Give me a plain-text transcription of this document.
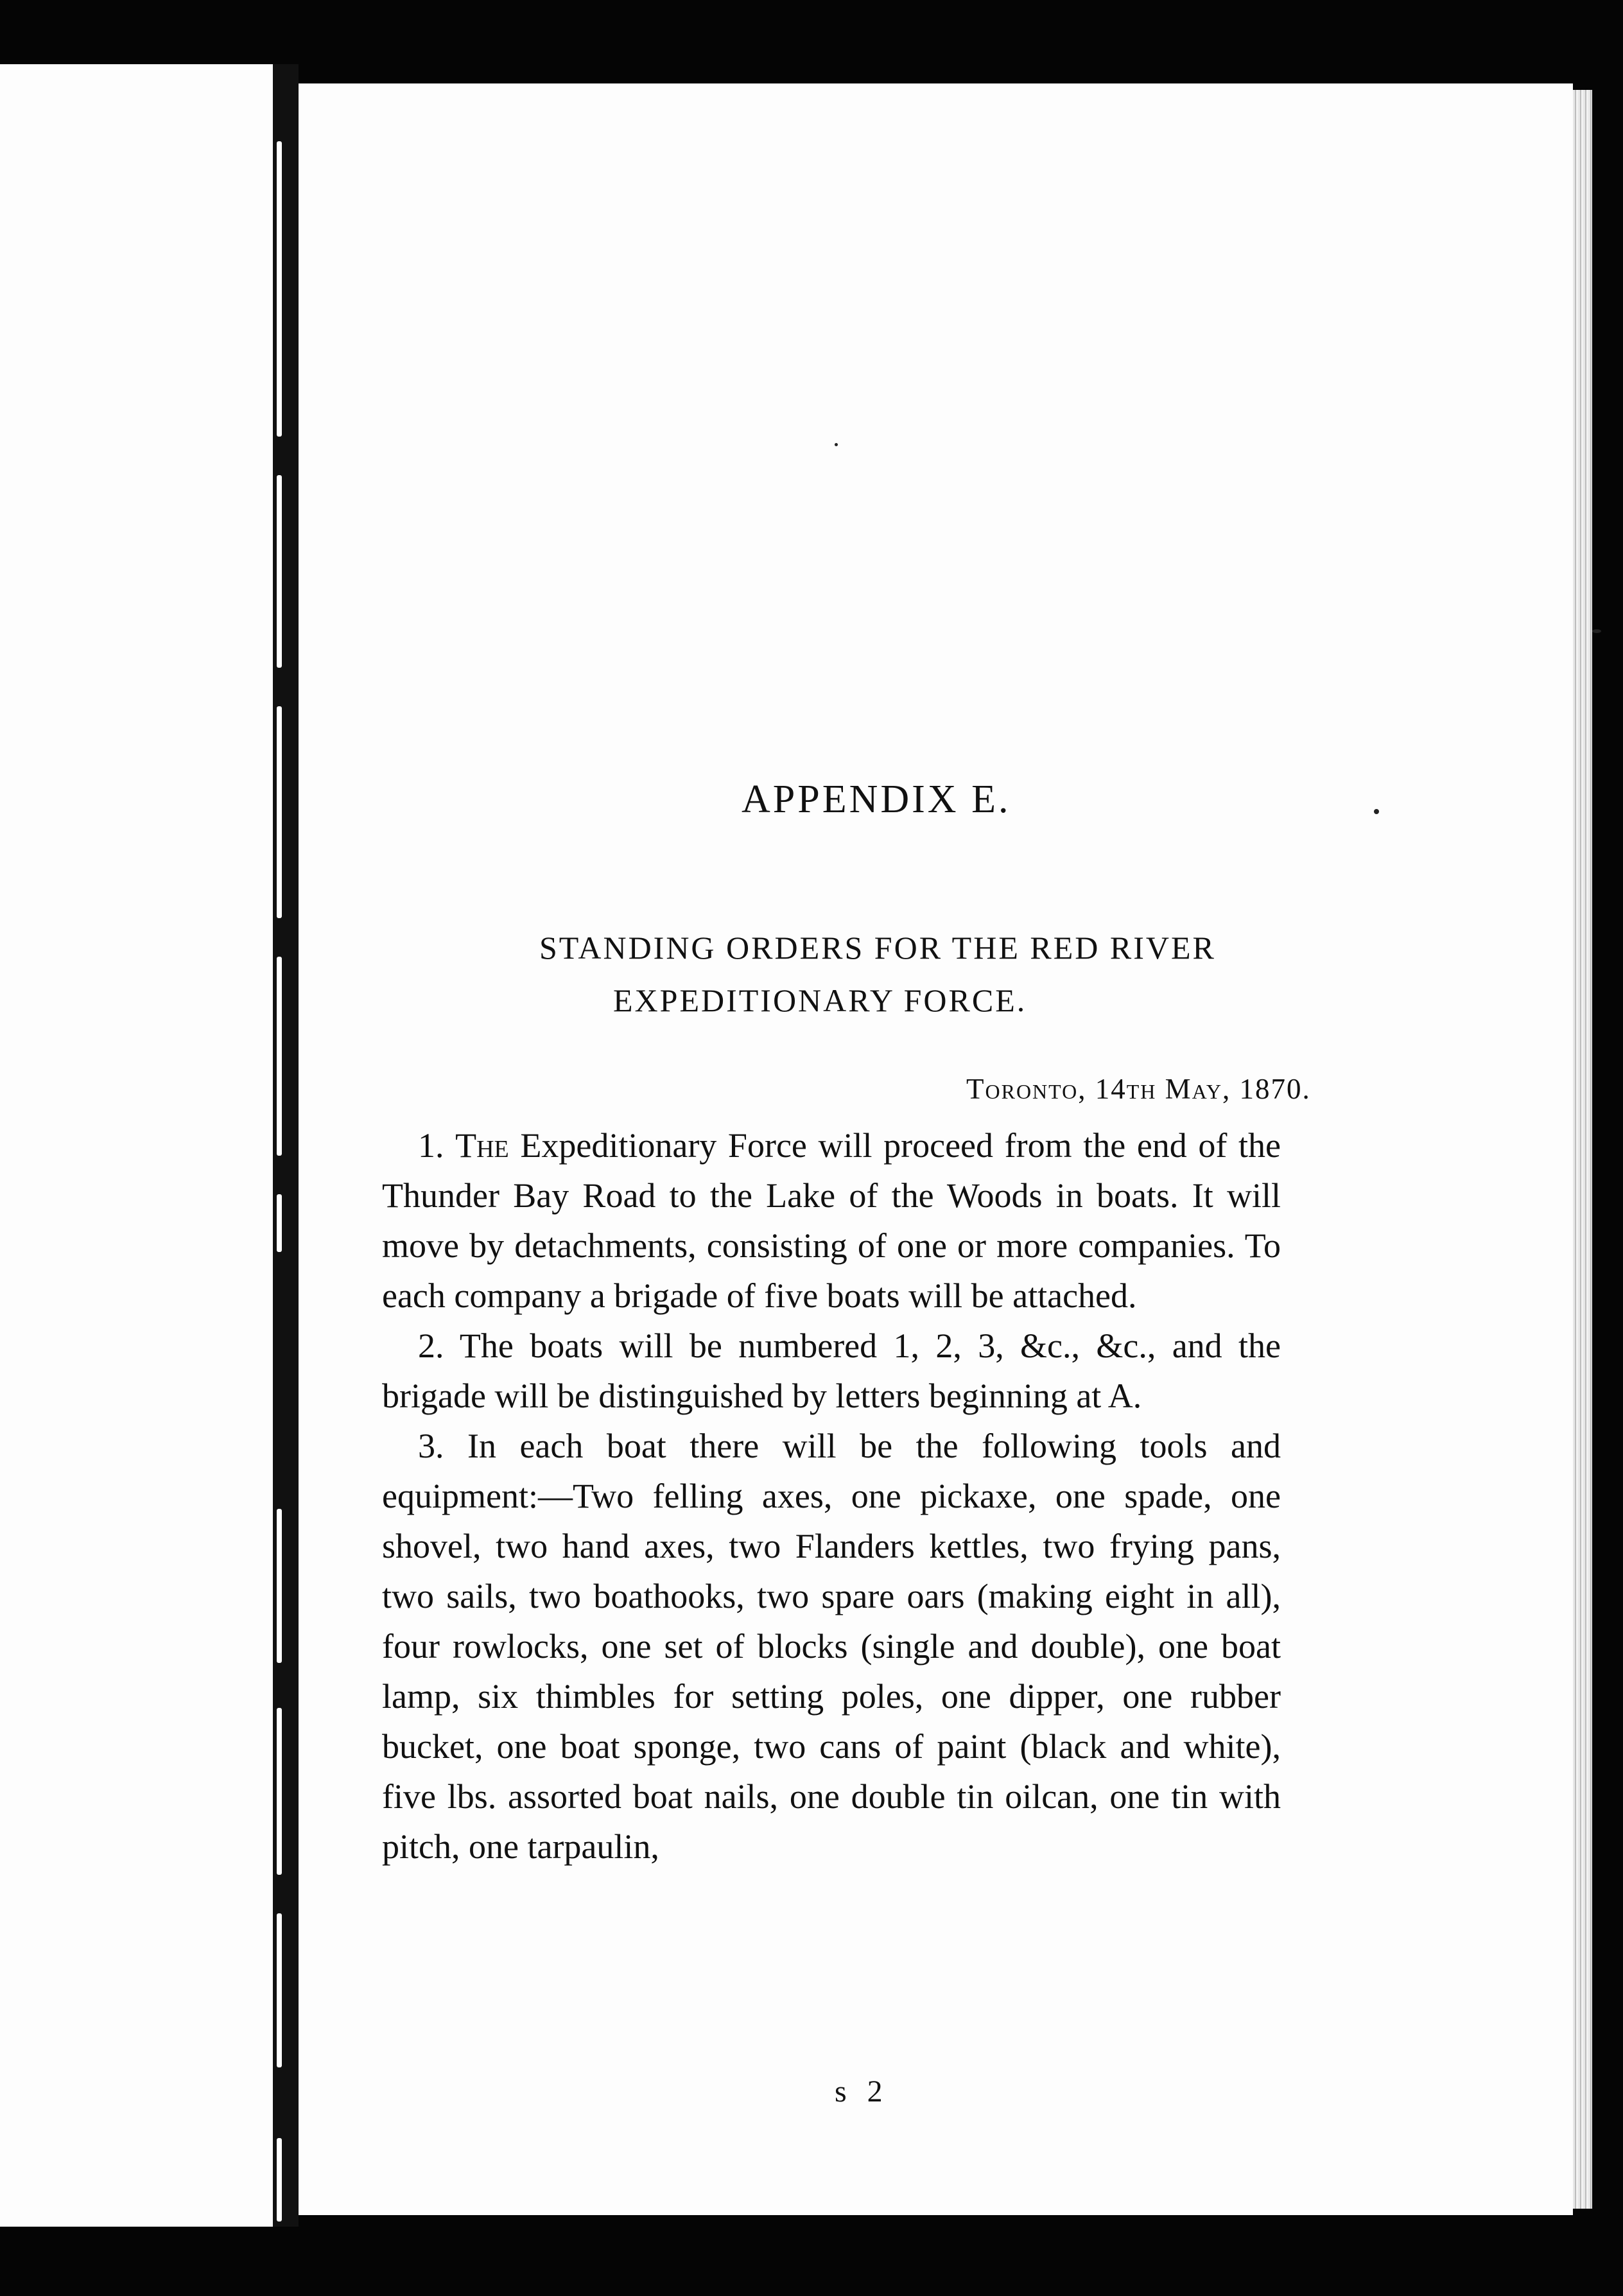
APPENDIX E.
STANDING ORDERS FOR THE RED RIVER
EXPEDITIONARY FORCE.
Toronto, 14th May, 1870.

1. The Expeditionary Force will proceed from the end of the Thunder Bay Road to the Lake of the Woods in boats. It will move by detachments, consisting of one or more companies. To each company a brigade of five boats will be attached.

2. The boats will be numbered 1, 2, 3, &c., &c., and the brigade will be distinguished by letters beginning at A.

3. In each boat there will be the following tools and equipment:—Two felling axes, one pickaxe, one spade, one shovel, two hand axes, two Flanders kettles, two frying pans, two sails, two boathooks, two spare oars (making eight in all), four rowlocks, one set of blocks (single and double), one boat lamp, six thimbles for setting poles, one dipper, one rubber bucket, one boat sponge, two cans of paint (black and white), five lbs. assorted boat nails, one double tin oilcan, one tin with pitch, one tarpaulin,

s 2
